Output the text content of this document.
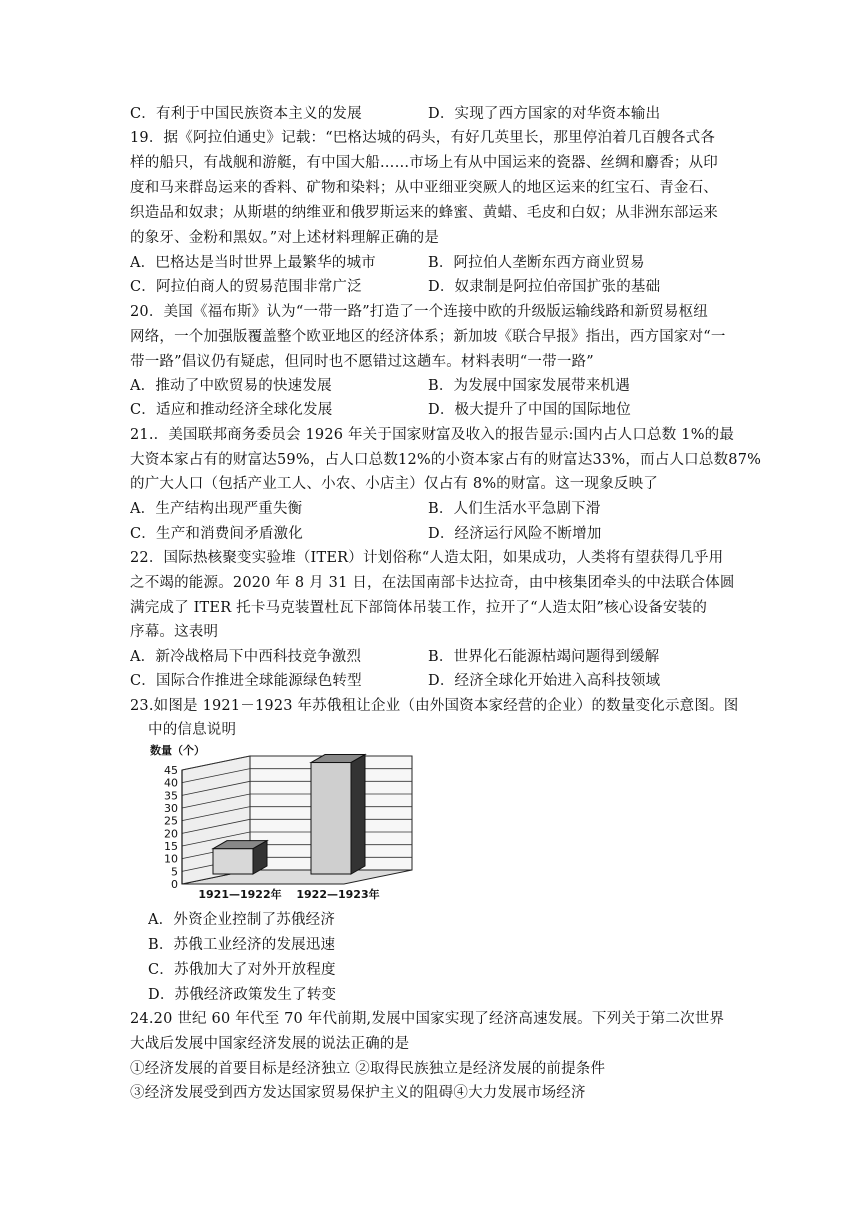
C．有利于中国民族资本主义的发展	D．实现了西方国家的对华资本输出
19．据《阿拉伯通史》记载：“巴格达城的码头，有好几英里长，那里停泊着几百艘各式各
样的船只，有战舰和游艇，有中国大船……市场上有从中国运来的瓷器、丝绸和麝香；从印
度和马来群岛运来的香料、矿物和染料；从中亚细亚突厥人的地区运来的红宝石、青金石、
织造品和奴隶；从斯堪的纳维亚和俄罗斯运来的蜂蜜、黄蜡、毛皮和白奴；从非洲东部运来
的象牙、金粉和黑奴。”对上述材料理解正确的是
A．巴格达是当时世界上最繁华的城市	B．阿拉伯人垄断东西方商业贸易
C．阿拉伯商人的贸易范围非常广泛	D．奴隶制是阿拉伯帝国扩张的基础
20．美国《福布斯》认为“一带一路”打造了一个连接中欧的升级版运输线路和新贸易枢纽
网络，一个加强版覆盖整个欧亚地区的经济体系；新加坡《联合早报》指出，西方国家对“一
带一路”倡议仍有疑虑，但同时也不愿错过这趟车。材料表明“一带一路”
A．推动了中欧贸易的快速发展	B．为发展中国家发展带来机遇
C．适应和推动经济全球化发展	D．极大提升了中国的国际地位
21.．美国联邦商务委员会 1926 年关于国家财富及收入的报告显示:国内占人口总数 1%的最
大资本家占有的财富达59%，占人口总数12%的小资本家占有的财富达33%，而占人口总数87%
的广大人口（包括产业工人、小农、小店主）仅占有 8%的财富。这一现象反映了
A．生产结构出现严重失衡	B．人们生活水平急剧下滑
C．生产和消费间矛盾激化	D．经济运行风险不断增加
22．国际热核聚变实验堆（ITER）计划俗称“人造太阳，如果成功，人类将有望获得几乎用
之不竭的能源。2020 年 8 月 31 日，在法国南部卡达拉奇，由中核集团牵头的中法联合体圆
满完成了 ITER 托卡马克装置杜瓦下部筒体吊装工作，拉开了“人造太阳”核心设备安装的
序幕。这表明
A．新冷战格局下中西科技竞争激烈	B．世界化石能源枯竭问题得到缓解
C．国际合作推进全球能源绿色转型	D．经济全球化开始进入高科技领域
23.如图是 1921－1923 年苏俄租让企业（由外国资本家经营的企业）的数量变化示意图。图
中的信息说明
0
5
10
15
20
25
30
35
40
45
数量（个）
1921—1922年 1922—1923年
A．外资企业控制了苏俄经济
B．苏俄工业经济的发展迅速
C．苏俄加大了对外开放程度
D．苏俄经济政策发生了转变
24.20 世纪 60 年代至 70 年代前期,发展中国家实现了经济高速发展。下列关于第二次世界
大战后发展中国家经济发展的说法正确的是
①经济发展的首要目标是经济独立 ②取得民族独立是经济发展的前提条件
③经济发展受到西方发达国家贸易保护主义的阻碍④大力发展市场经济
